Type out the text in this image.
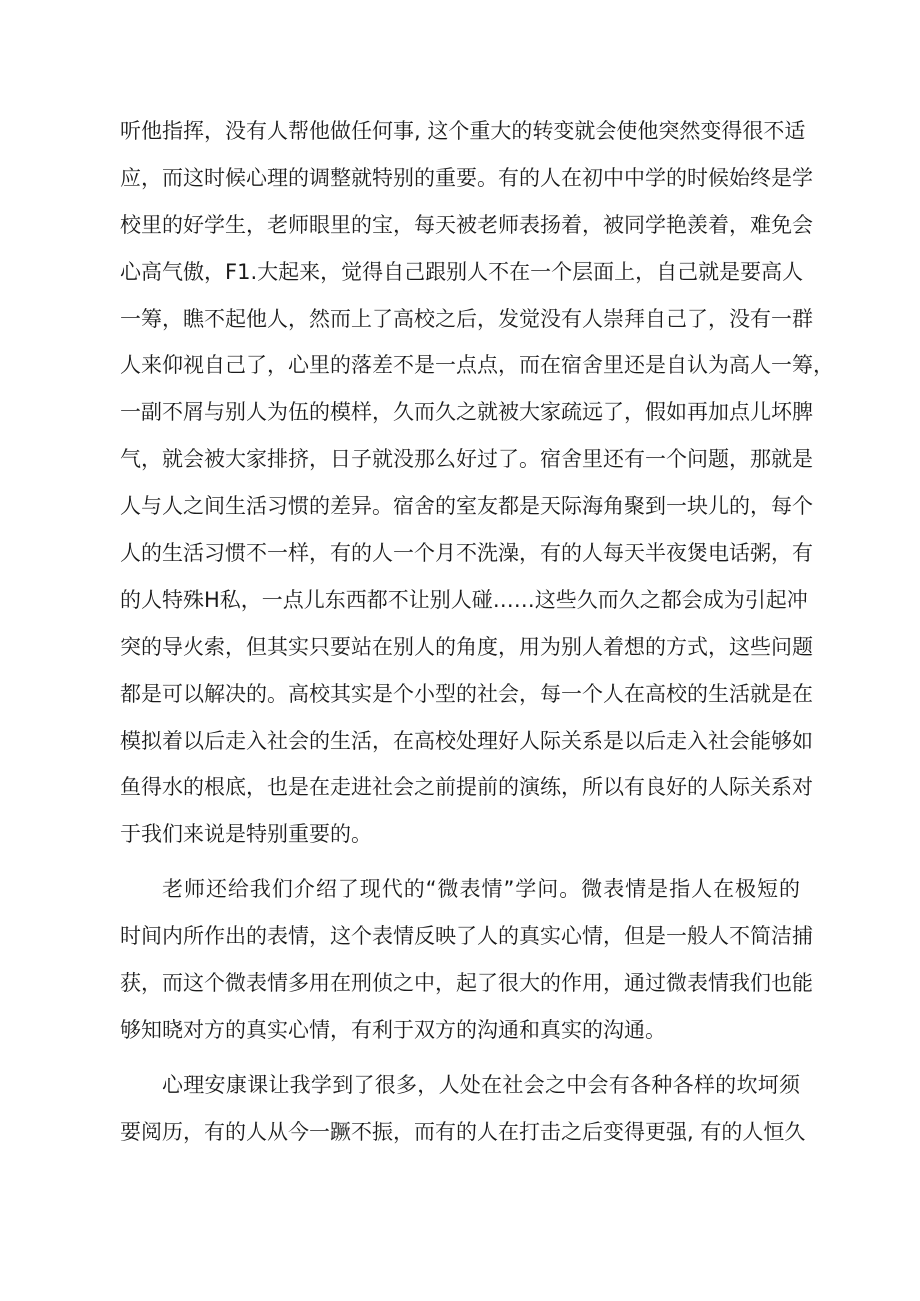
听他指挥，没有人帮他做任何事, 这个重大的转变就会使他突然变得很不适
应，而这时候心理的调整就特别的重要。有的人在初中中学的时候始终是学
校里的好学生，老师眼里的宝，每天被老师表扬着，被同学艳羡着，难免会
心高气傲，F1.大起来，觉得自己跟别人不在一个层面上，自己就是要高人
一筹，瞧不起他人，然而上了高校之后，发觉没有人崇拜自己了，没有一群
人来仰视自己了，心里的落差不是一点点，而在宿舍里还是自认为高人一筹，
一副不屑与别人为伍的模样，久而久之就被大家疏远了，假如再加点儿坏脾
气，就会被大家排挤，日子就没那么好过了。宿舍里还有一个问题，那就是
人与人之间生活习惯的差异。宿舍的室友都是天际海角聚到一块儿的，每个
人的生活习惯不一样，有的人一个月不洗澡，有的人每天半夜煲电话粥，有
的人特殊H私，一点儿东西都不让别人碰……这些久而久之都会成为引起冲
突的导火索，但其实只要站在别人的角度，用为别人着想的方式，这些问题
都是可以解决的。高校其实是个小型的社会，每一个人在高校的生活就是在
模拟着以后走入社会的生活，在高校处理好人际关系是以后走入社会能够如
鱼得水的根底，也是在走进社会之前提前的演练，所以有良好的人际关系对
于我们来说是特别重要的。
老师还给我们介绍了现代的“微表情”学问。微表情是指人在极短的
时间内所作出的表情，这个表情反映了人的真实心情，但是一般人不简洁捕
获，而这个微表情多用在刑侦之中，起了很大的作用，通过微表情我们也能
够知晓对方的真实心情，有利于双方的沟通和真实的沟通。
心理安康课让我学到了很多，人处在社会之中会有各种各样的坎坷须
要阅历，有的人从今一蹶不振，而有的人在打击之后变得更强, 有的人恒久
